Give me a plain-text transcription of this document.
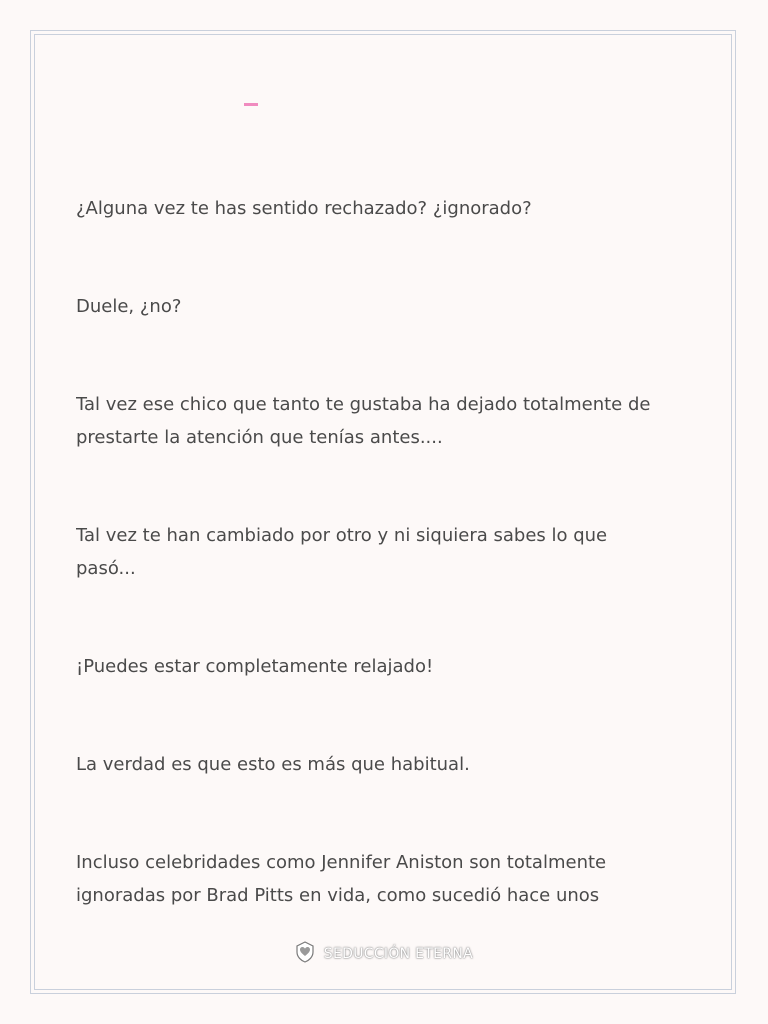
¿Alguna vez te has sentido rechazado? ¿ignorado?

Duele, ¿no?

Tal vez ese chico que tanto te gustaba ha dejado totalmente de prestarte la atención que tenías antes....

Tal vez te han cambiado por otro y ni siquiera sabes lo que pasó...

¡Puedes estar completamente relajado!

La verdad es que esto es más que habitual.

Incluso celebridades como Jennifer Aniston son totalmente ignoradas por Brad Pitts en vida, como sucedió hace unos

SEDUCCIÓN ETERNA
